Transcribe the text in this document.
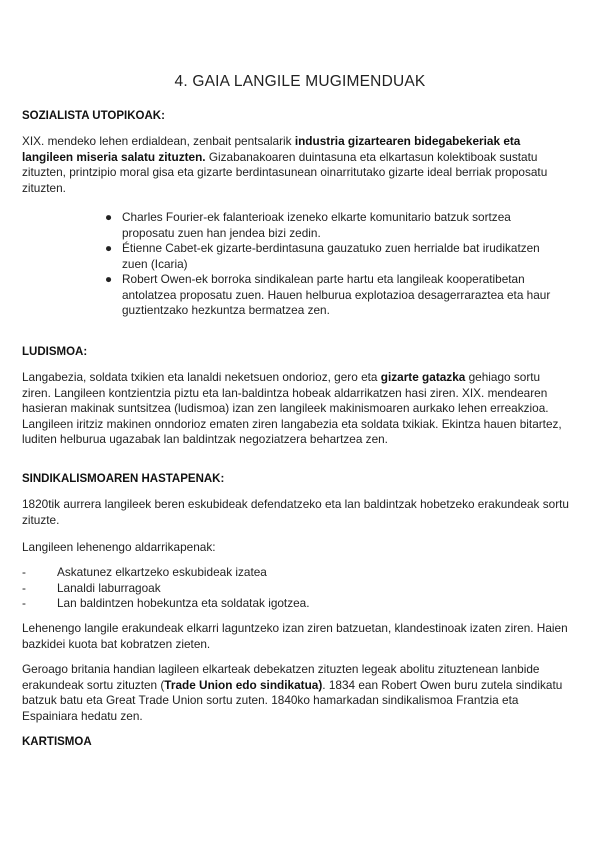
4. GAIA LANGILE MUGIMENDUAK
SOZIALISTA UTOPIKOAK:
XIX. mendeko lehen erdialdean, zenbait pentsalarik industria gizartearen bidegabekeriak eta langileen miseria salatu zituzten. Gizabanakoaren duintasuna eta elkartasun kolektiboak sustatu zituzten, printzipio moral gisa eta gizarte berdintasunean oinarritutako gizarte ideal berriak proposatu zituzten.
● Charles Fourier-ek falanterioak izeneko elkarte komunitario batzuk sortzea proposatu zuen han jendea bizi zedin.
● Étienne Cabet-ek gizarte-berdintasuna gauzatuko zuen herrialde bat irudikatzen zuen (Icaria)
● Robert Owen-ek borroka sindikalean parte hartu eta langileak kooperatibetan antolatzea proposatu zuen. Hauen helburua explotazioa desagerraraztea eta haur guztientzako hezkuntza bermatzea zen.
LUDISMOA:
Langabezia, soldata txikien eta lanaldi neketsuen ondorioz, gero eta gizarte gatazka gehiago sortu ziren. Langileen kontzientzia piztu eta lan-baldintza hobeak aldarrikatzen hasi ziren. XIX. mendearen hasieran makinak suntsitzea (ludismoa) izan zen langileek makinismoaren aurkako lehen erreakzioa. Langileen iritziz makinen onndorioz ematen ziren langabezia eta soldata txikiak. Ekintza hauen bitartez, luditen helburua ugazabak lan baldintzak negoziatzera behartzea zen.
SINDIKALISMOAREN HASTAPENAK:
1820tik aurrera langileek beren eskubideak defendatzeko eta lan baldintzak hobetzeko erakundeak sortu zituzte.
Langileen lehenengo aldarrikapenak:
-	Askatunez elkartzeko eskubideak izatea
-	Lanaldi laburragoak
-	Lan baldintzen hobekuntza eta soldatak igotzea.
Lehenengo langile erakundeak elkarri laguntzeko izan ziren batzuetan, klandestinoak izaten ziren. Haien bazkidei kuota bat kobratzen zieten.
Geroago britania handian lagileen elkarteak debekatzen zituzten legeak abolitu zituztenean lanbide erakundeak sortu zituzten (Trade Union edo sindikatua). 1834 ean Robert Owen buru zutela sindikatu batzuk batu eta Great Trade Union sortu zuten. 1840ko hamarkadan sindikalismoa Frantzia eta Espainiara hedatu zen.
KARTISMOA
